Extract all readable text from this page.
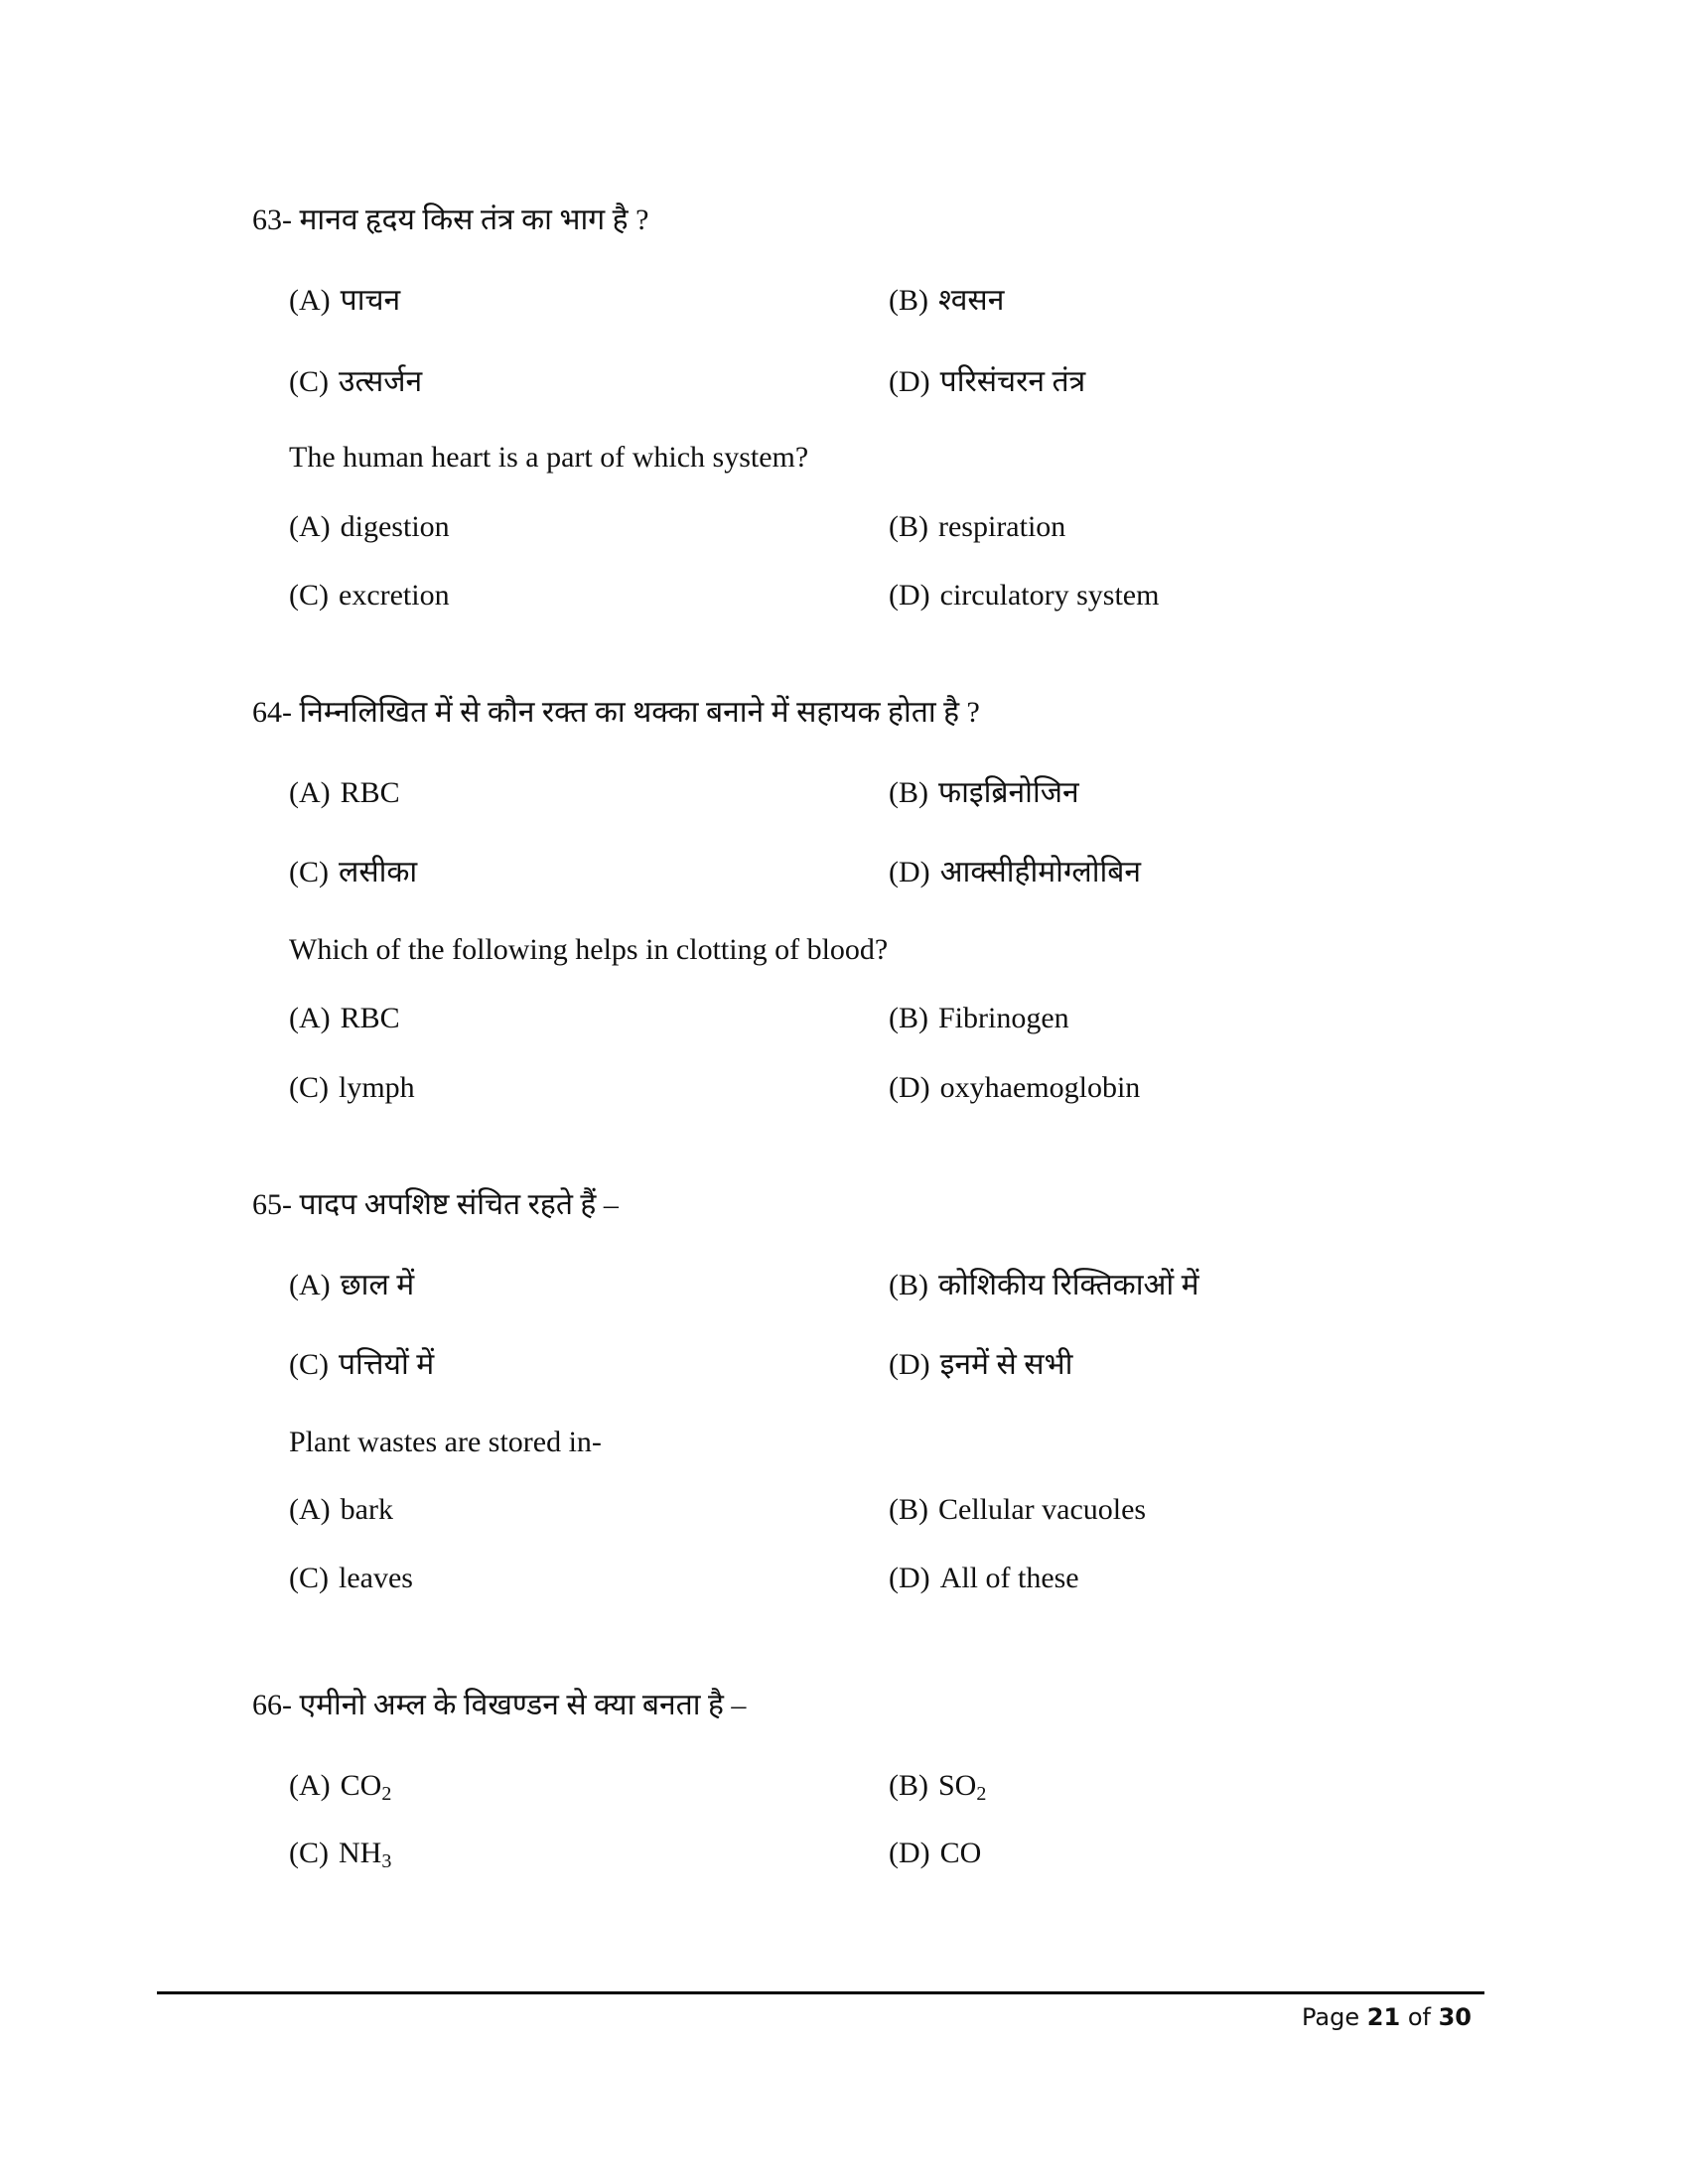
63- मानव हृदय किस तंत्र का भाग है ?
(A) पाचन	(B) श्वसन
(C) उत्सर्जन	(D) परिसंचरन तंत्र
The human heart is a part of which system?
(A) digestion	(B) respiration
(C) excretion	(D) circulatory system
64- निम्नलिखित में से कौन रक्त का थक्का बनाने में सहायक होता है ?
(A) RBC	(B) फाइब्रिनोजिन
(C) लसीका	(D) आक्सीहीमोग्लोबिन
Which of the following helps in clotting of blood?
(A) RBC	(B) Fibrinogen
(C) lymph	(D) oxyhaemoglobin
65- पादप अपशिष्ट संचित रहते हैं –
(A) छाल में	(B) कोशिकीय रिक्तिकाओं में
(C) पत्तियों में	(D) इनमें से सभी
Plant wastes are stored in-
(A) bark	(B) Cellular vacuoles
(C) leaves	(D) All of these
66- एमीनो अम्ल के विखण्डन से क्या बनता है –
(A) $CO_2$	(B) $SO_2$
(C) $NH_3$	(D) CO
Page 21 of 30
